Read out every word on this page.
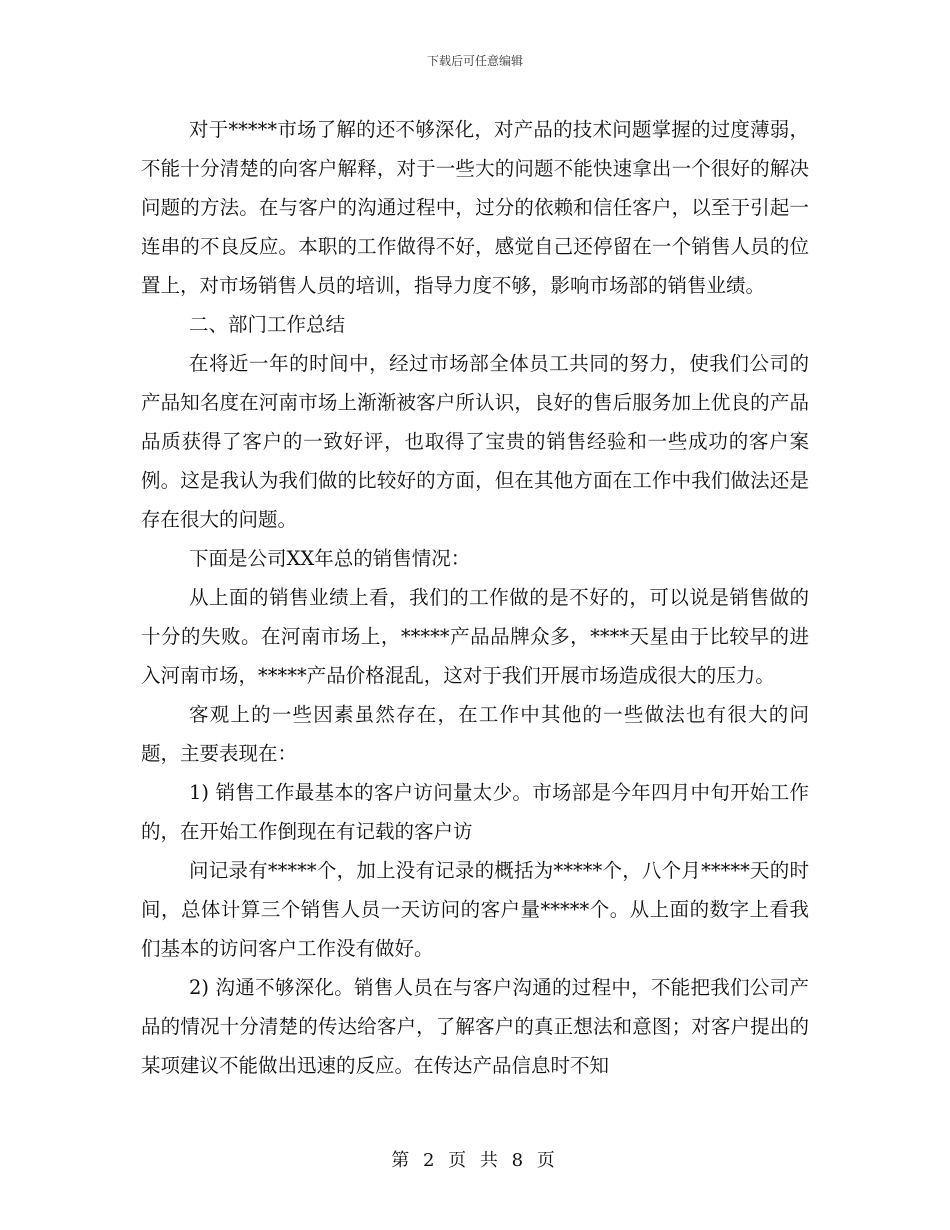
下载后可任意编辑

对于*****市场了解的还不够深化，对产品的技术问题掌握的过度薄弱，不能十分清楚的向客户解释，对于一些大的问题不能快速拿出一个很好的解决问题的方法。在与客户的沟通过程中，过分的依赖和信任客户，以至于引起一连串的不良反应。本职的工作做得不好，感觉自己还停留在一个销售人员的位置上，对市场销售人员的培训，指导力度不够，影响市场部的销售业绩。

二、部门工作总结

在将近一年的时间中，经过市场部全体员工共同的努力，使我们公司的产品知名度在河南市场上渐渐被客户所认识，良好的售后服务加上优良的产品品质获得了客户的一致好评，也取得了宝贵的销售经验和一些成功的客户案例。这是我认为我们做的比较好的方面，但在其他方面在工作中我们做法还是存在很大的问题。

下面是公司XX年总的销售情况：

从上面的销售业绩上看，我们的工作做的是不好的，可以说是销售做的十分的失败。在河南市场上，*****产品品牌众多，****天星由于比较早的进入河南市场，*****产品价格混乱，这对于我们开展市场造成很大的压力。

客观上的一些因素虽然存在，在工作中其他的一些做法也有很大的问题，主要表现在：

1) 销售工作最基本的客户访问量太少。市场部是今年四月中旬开始工作的，在开始工作倒现在有记载的客户访

问记录有*****个，加上没有记录的概括为*****个，八个月*****天的时间，总体计算三个销售人员一天访问的客户量*****个。从上面的数字上看我们基本的访问客户工作没有做好。

2) 沟通不够深化。销售人员在与客户沟通的过程中，不能把我们公司产品的情况十分清楚的传达给客户，了解客户的真正想法和意图；对客户提出的某项建议不能做出迅速的反应。在传达产品信息时不知

第 2 页 共 8 页
